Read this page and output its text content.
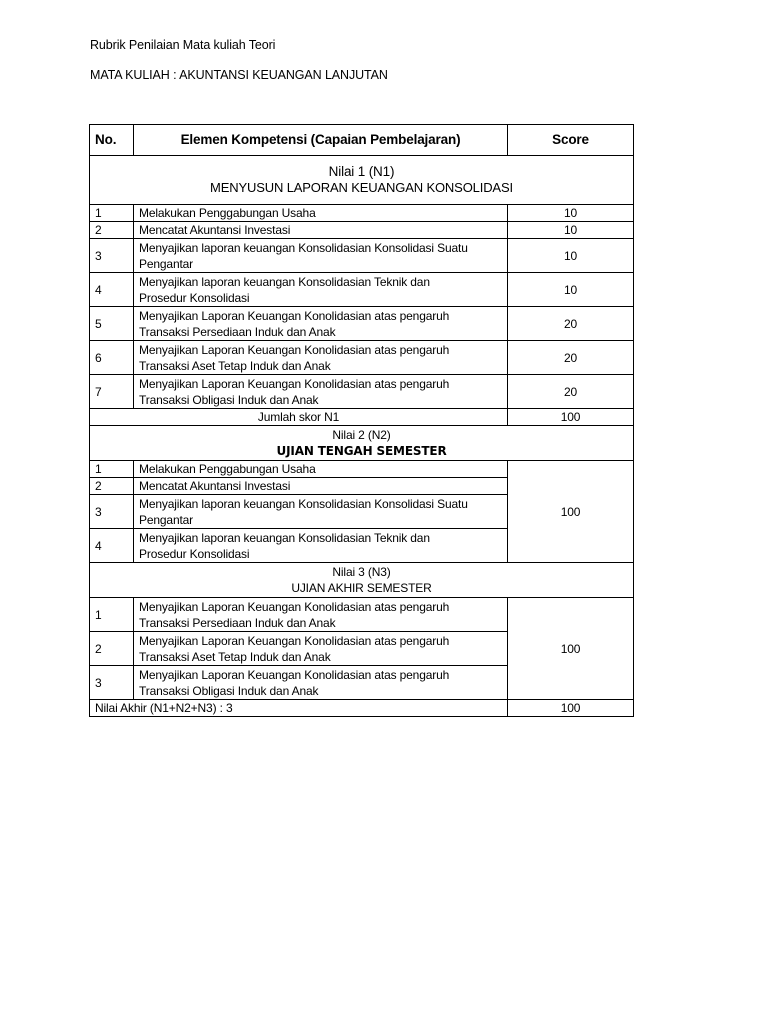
Rubrik Penilaian Mata kuliah Teori
MATA KULIAH : AKUNTANSI KEUANGAN LANJUTAN
No.	Elemen Kompetensi (Capaian Pembelajaran)	Score

Nilai 1 (N1)
MENYUSUN LAPORAN KEUANGAN KONSOLIDASI		

1	Melakukan Penggabungan Usaha	10
2	Mencatat Akuntansi Investasi	10
3	Menyajikan laporan keuangan Konsolidasian Konsolidasi Suatu
Pengantar	10
4	Menyajikan laporan keuangan Konsolidasian Teknik dan
Prosedur Konsolidasi	10
5	Menyajikan Laporan Keuangan Konolidasian atas pengaruh
Transaksi Persediaan Induk dan Anak	20
6	Menyajikan Laporan Keuangan Konolidasian atas pengaruh
Transaksi Aset Tetap Induk dan Anak	20
7	Menyajikan Laporan Keuangan Konolidasian atas pengaruh
Transaksi Obligasi Induk dan Anak	20
Jumlah skor N1		100

Nilai 2 (N2)
UJIAN TENGAH SEMESTER		

1	Melakukan Penggabungan Usaha	100
2	Mencatat Akuntansi Investasi	

3	Menyajikan laporan keuangan Konsolidasian Konsolidasi Suatu
Pengantar	

4	Menyajikan laporan keuangan Konsolidasian Teknik dan
Prosedur Konsolidasi	

Nilai 3 (N3)
UJIAN AKHIR SEMESTER		

1	Menyajikan Laporan Keuangan Konolidasian atas pengaruh
Transaksi Persediaan Induk dan Anak	100
2	Menyajikan Laporan Keuangan Konolidasian atas pengaruh
Transaksi Aset Tetap Induk dan Anak	

3	Menyajikan Laporan Keuangan Konolidasian atas pengaruh
Transaksi Obligasi Induk dan Anak	

Nilai Akhir (N1+N2+N3) : 3		100
